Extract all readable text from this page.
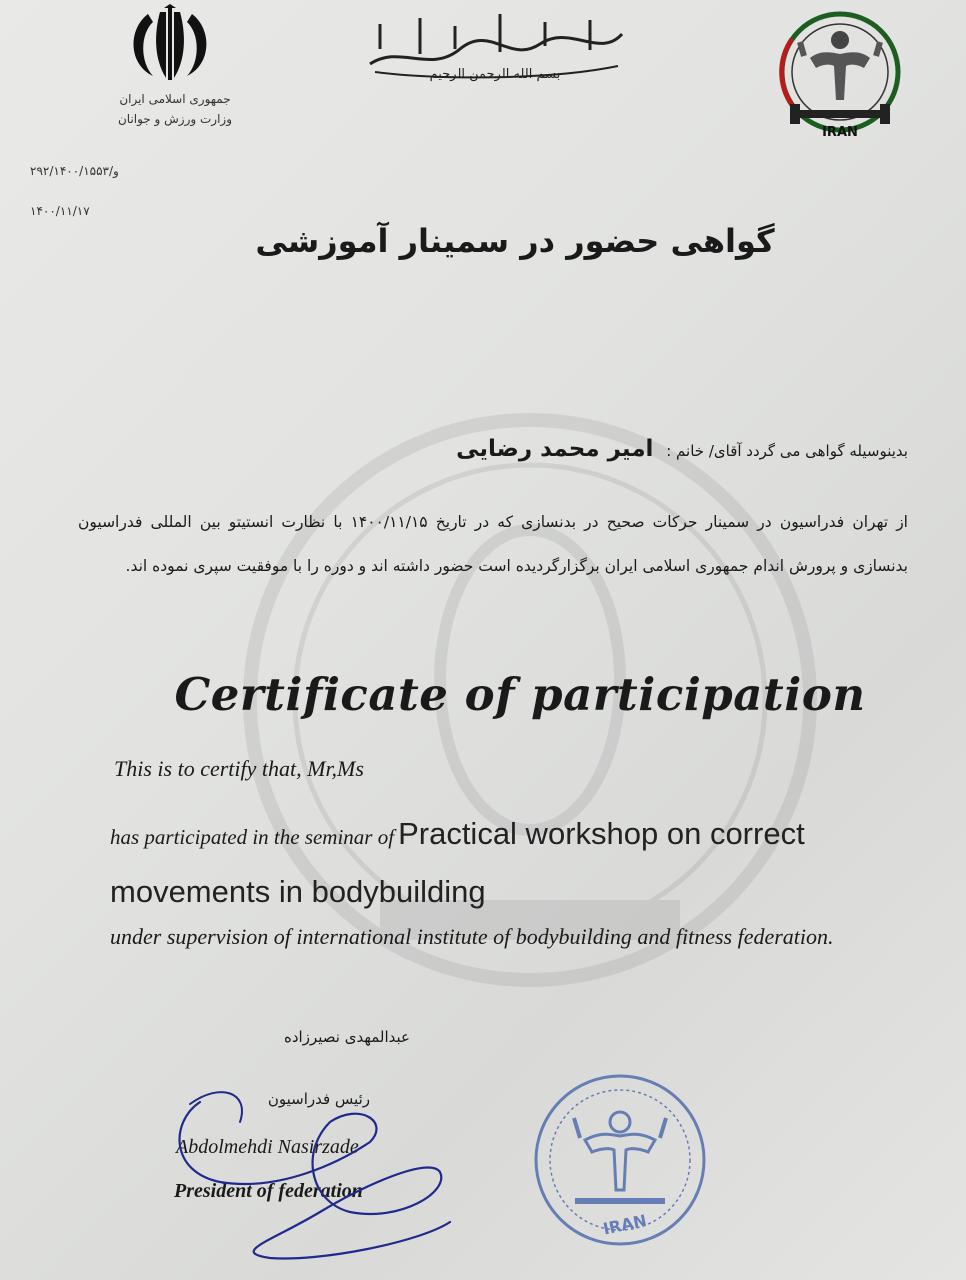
جمهوری اسلامی ایران
وزارت ورزش و جوانان
بسم الله الرحمن الرحیم
IRAN
۲۹۲/۱۴۰۰/و/۱۵۵۳
۱۴۰۰/۱۱/۱۷
گواهی حضور در سمینار آموزشی
بدینوسیله گواهی می گردد آقای/ خانم : امیر محمد رضایی
از تهران فدراسیون در سمینار حرکات صحیح در بدنسازی که در تاریخ ۱۴۰۰/۱۱/۱۵ با نظارت انستیتو بین المللی فدراسیون بدنسازی و پرورش اندام جمهوری اسلامی ایران برگزارگردیده است حضور داشته اند و دوره را با موفقیت سپری نموده اند.
Certificate of participation
This is to certify that, Mr,Ms
has participated in the seminar of Practical workshop on correct movements in bodybuilding
under supervision of international institute of bodybuilding and fitness federation.
عبدالمهدی نصیرزاده
رئیس فدراسیون
Abdolmehdi Nasirzade
President of federation
IRAN
